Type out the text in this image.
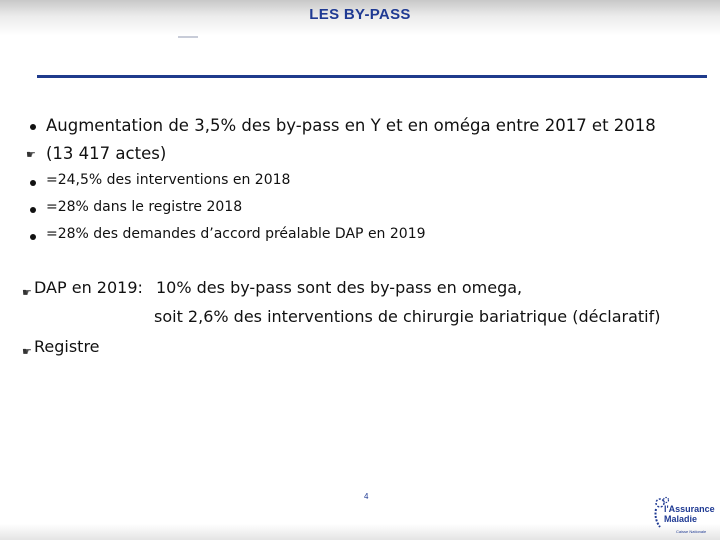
LES BY-PASS
Augmentation de 3,5% des by-pass en Y et en oméga entre 2017 et 2018
☛ (13 417 actes)
=24,5% des interventions en 2018
=28% dans le registre 2018
=28% des demandes d’accord préalable DAP en 2019
☛ DAP en 2019: 10% des by-pass sont des by-pass en omega,
soit 2,6% des interventions de chirurgie bariatrique (déclaratif)
☛ Registre
4
l'Assurance
Maladie
Caisse Nationale
